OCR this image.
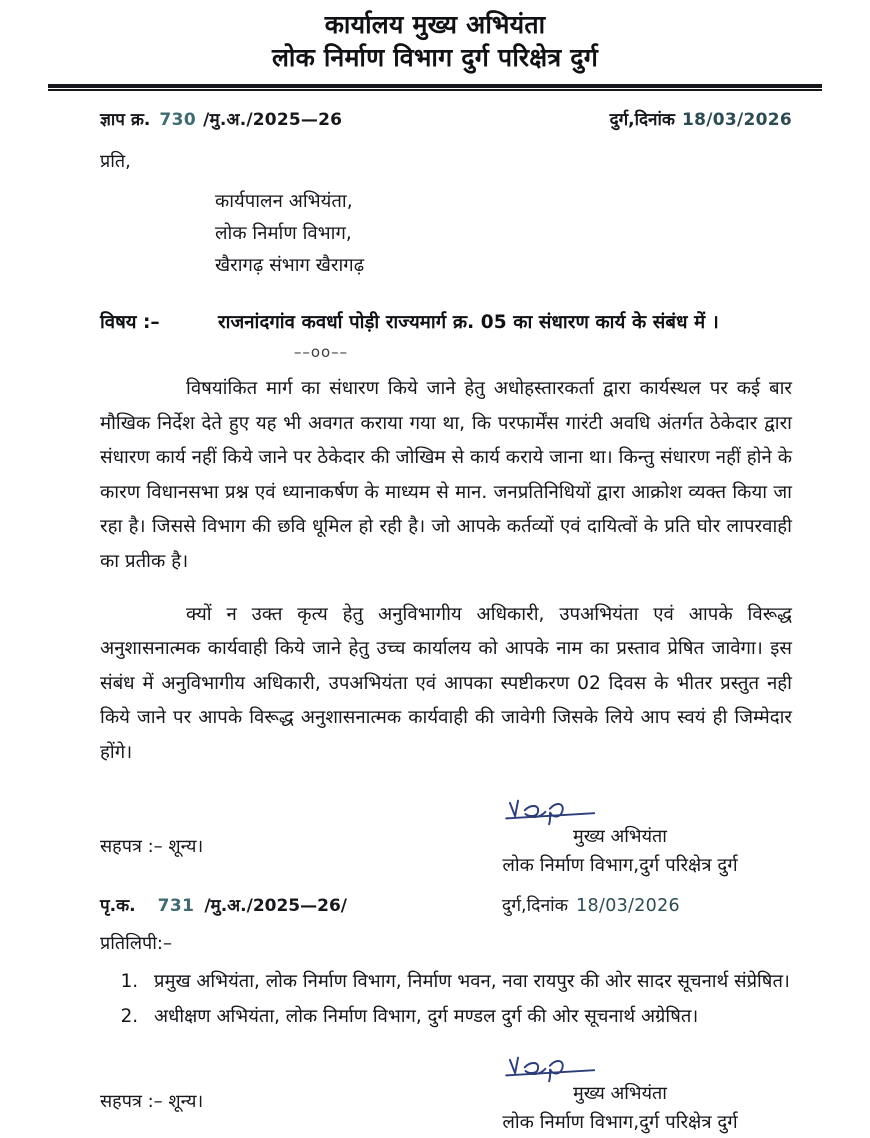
कार्यालय मुख्य अभियंता
लोक निर्माण विभाग दुर्ग परिक्षेत्र दुर्ग
ज्ञाप क्र. 730 /मु.अ./2025—26	दुर्ग,दिनांक 18/03/2026
प्रति,
कार्यपालन अभियंता,
लोक निर्माण विभाग,
खैरागढ़ संभाग खैरागढ़
विषय :–	राजनांदगांव कवर्धा पोड़ी राज्यमार्ग क्र. 05 का संधारण कार्य के संबंध में ।
––oo––

विषयांकित मार्ग का संधारण किये जाने हेतु अधोहस्तारकर्ता द्वारा कार्यस्थल पर कई बार मौखिक निर्देश देते हुए यह भी अवगत कराया गया था, कि परफार्मेंस गारंटी अवधि अंतर्गत ठेकेदार द्वारा संधारण कार्य नहीं किये जाने पर ठेकेदार की जोखिम से कार्य कराये जाना था। किन्तु संधारण नहीं होने के कारण विधानसभा प्रश्न एवं ध्यानाकर्षण के माध्यम से मान. जनप्रतिनिधियों द्वारा आक्रोश व्यक्त किया जा रहा है। जिससे विभाग की छवि धूमिल हो रही है। जो आपके कर्तव्यों एवं दायित्वों के प्रति घोर लापरवाही का प्रतीक है।

क्यों न उक्त कृत्य हेतु अनुविभागीय अधिकारी, उपअभियंता एवं आपके विरूद्ध अनुशासनात्मक कार्यवाही किये जाने हेतु उच्च कार्यालय को आपके नाम का प्रस्ताव प्रेषित जावेगा। इस संबंध में अनुविभागीय अधिकारी, उपअभियंता एवं आपका स्पष्टीकरण 02 दिवस के भीतर प्रस्तुत नही किये जाने पर आपके विरूद्ध अनुशासनात्मक कार्यवाही की जावेगी जिसके लिये आप स्वयं ही जिम्मेदार होंगे।

सहपत्र :– शून्य।	मुख्य अभियंता
लोक निर्माण विभाग,दुर्ग परिक्षेत्र दुर्ग
पृ.क. 731 /मु.अ./2025—26/	दुर्ग,दिनांक 18/03/2026
प्रतिलिपी:–
1. प्रमुख अभियंता, लोक निर्माण विभाग, निर्माण भवन, नवा रायपुर की ओर सादर सूचनार्थ संप्रेषित।
2. अधीक्षण अभियंता, लोक निर्माण विभाग, दुर्ग मण्डल दुर्ग की ओर सूचनार्थ अग्रेषित।
सहपत्र :– शून्य।	मुख्य अभियंता
लोक निर्माण विभाग,दुर्ग परिक्षेत्र दुर्ग
